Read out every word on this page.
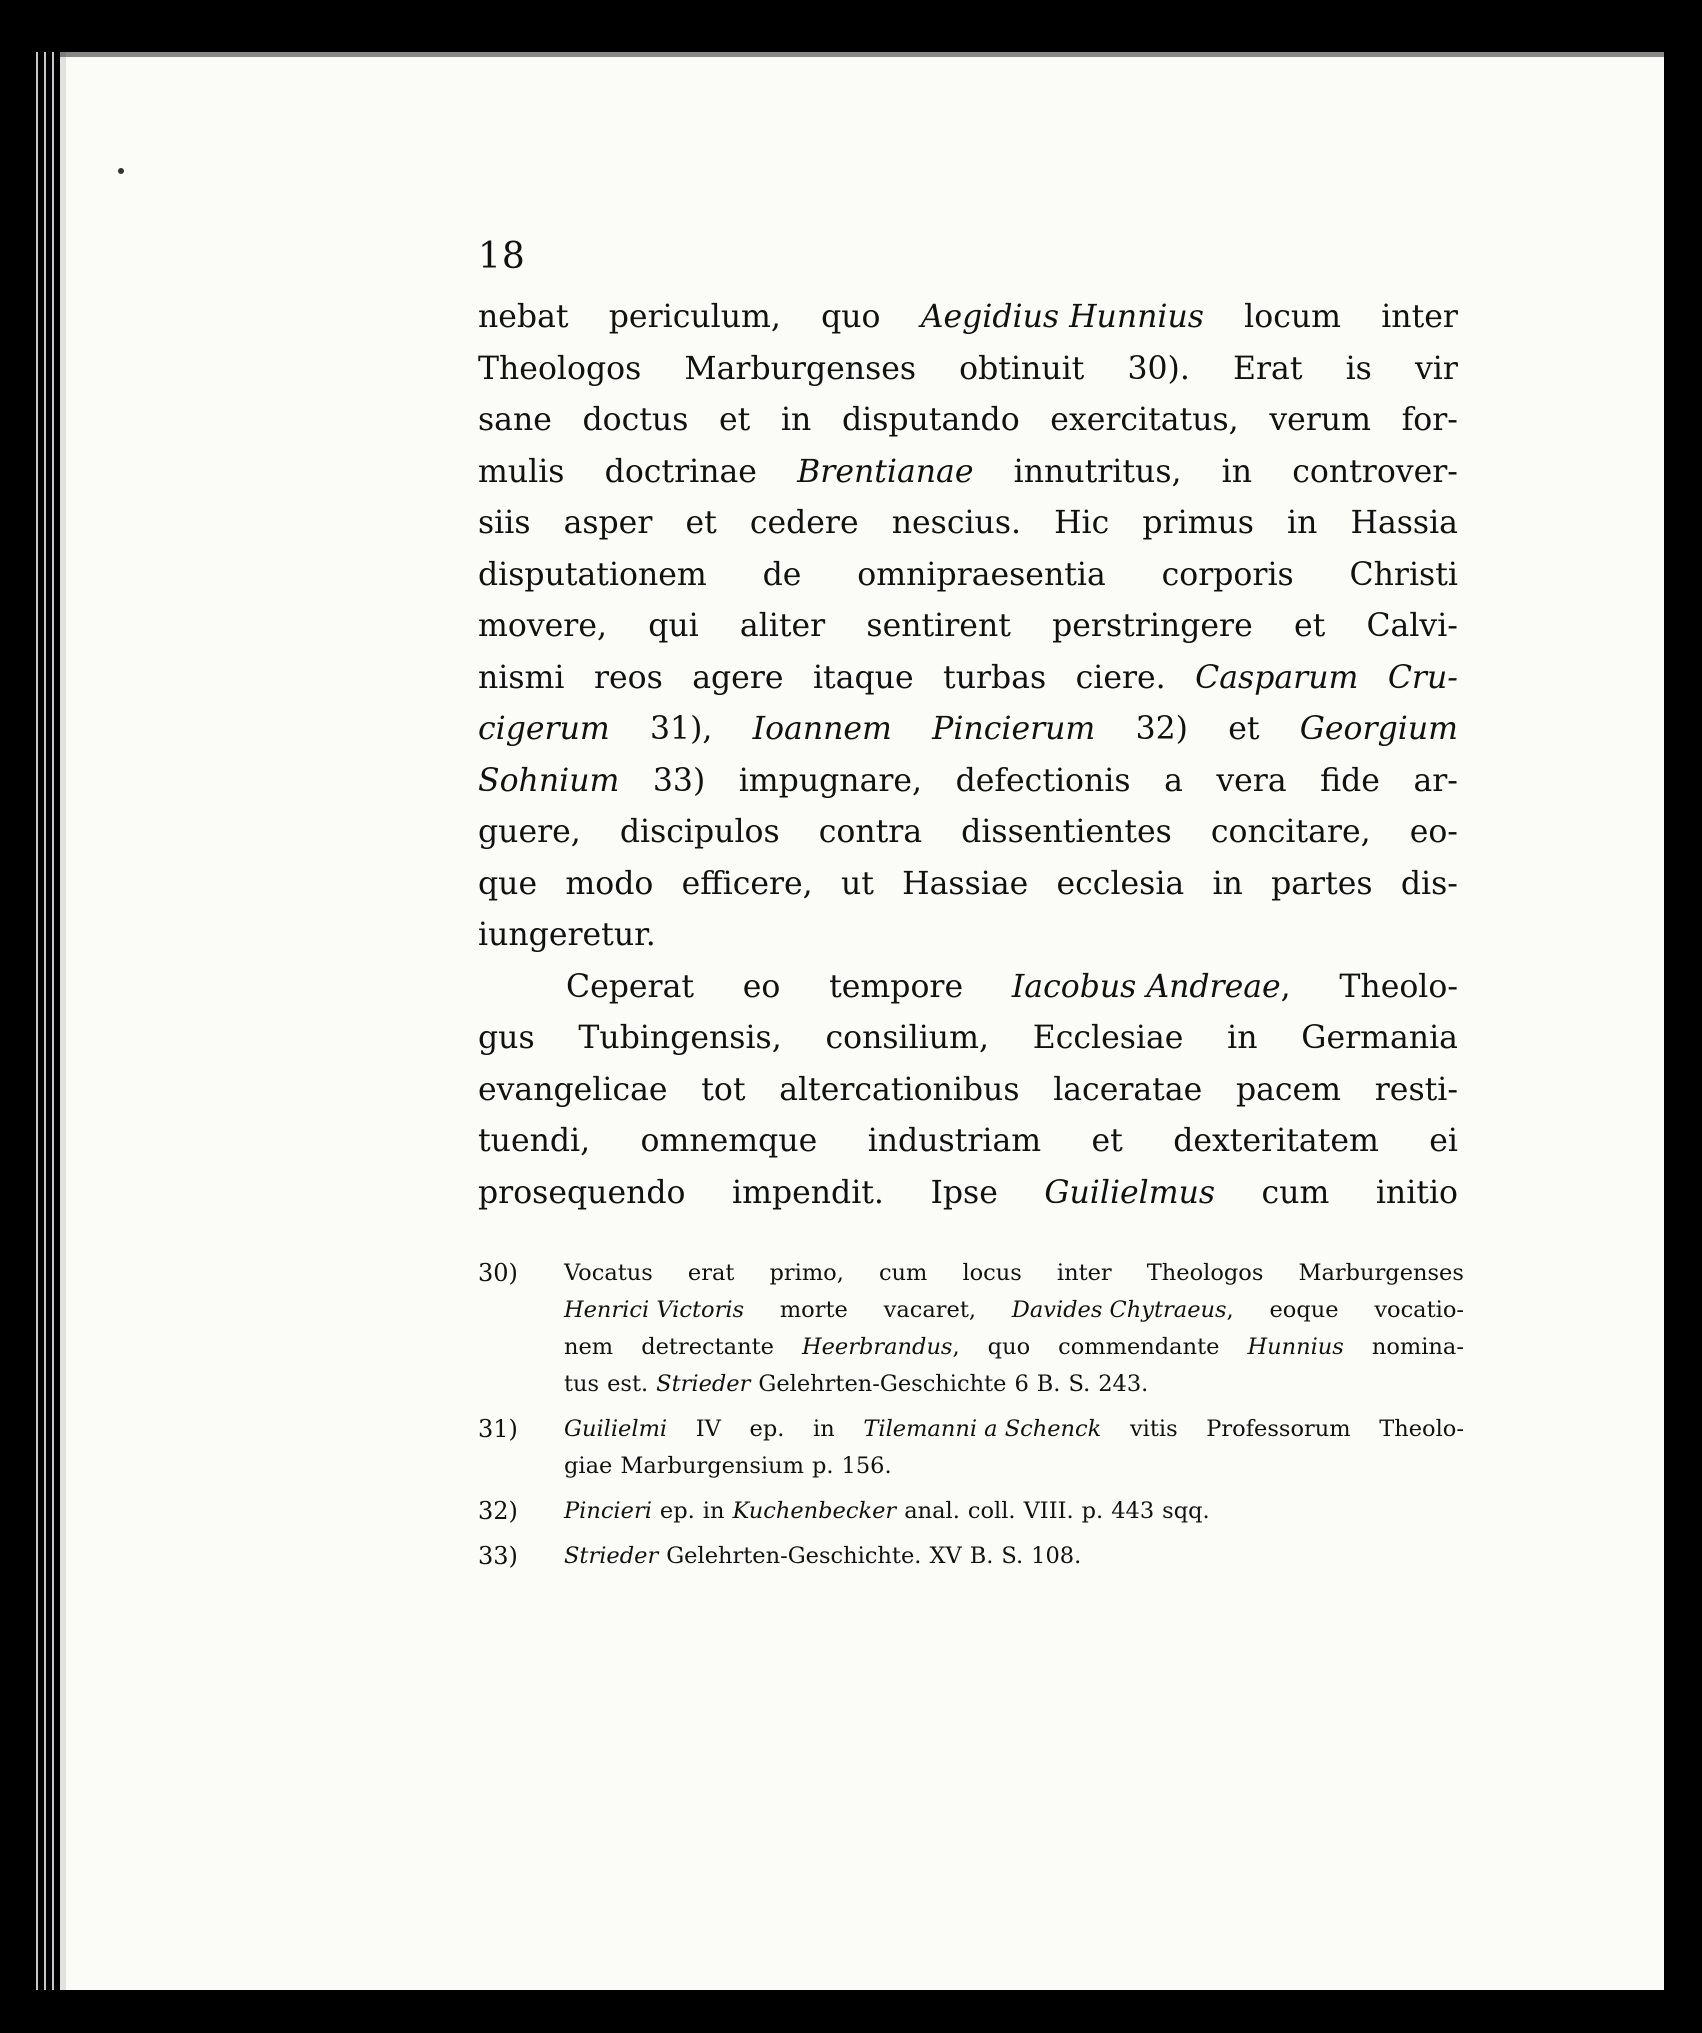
18
nebat periculum, quo Aegidius Hunnius locum inter
Theologos Marburgenses obtinuit 30). Erat is vir
sane doctus et in disputando exercitatus, verum for-
mulis doctrinae Brentianae innutritus, in controver-
siis asper et cedere nescius. Hic primus in Hassia
disputationem de omnipraesentia corporis Christi
movere, qui aliter sentirent perstringere et Calvi-
nismi reos agere itaque turbas ciere. Casparum Cru-
cigerum 31), Ioannem Pincierum 32) et Georgium
Sohnium 33) impugnare, defectionis a vera fide ar-
guere, discipulos contra dissentientes concitare, eo-
que modo efficere, ut Hassiae ecclesia in partes dis-
iungeretur.
Ceperat eo tempore Iacobus Andreae, Theolo-
gus Tubingensis, consilium, Ecclesiae in Germania
evangelicae tot altercationibus laceratae pacem resti-
tuendi, omnemque industriam et dexteritatem ei
prosequendo impendit. Ipse Guilielmus cum initio
30) Vocatus erat primo, cum locus inter Theologos Marburgenses
Henrici Victoris morte vacaret, Davides Chytraeus, eoque vocatio-
nem detrectante Heerbrandus, quo commendante Hunnius nomina-
tus est. Strieder Gelehrten-Geschichte 6 B. S. 243.
31) Guilielmi IV ep. in Tilemanni a Schenck vitis Professorum Theolo-
giae Marburgensium p. 156.
32) Pincieri ep. in Kuchenbecker anal. coll. VIII. p. 443 sqq.
33) Strieder Gelehrten-Geschichte. XV B. S. 108.
